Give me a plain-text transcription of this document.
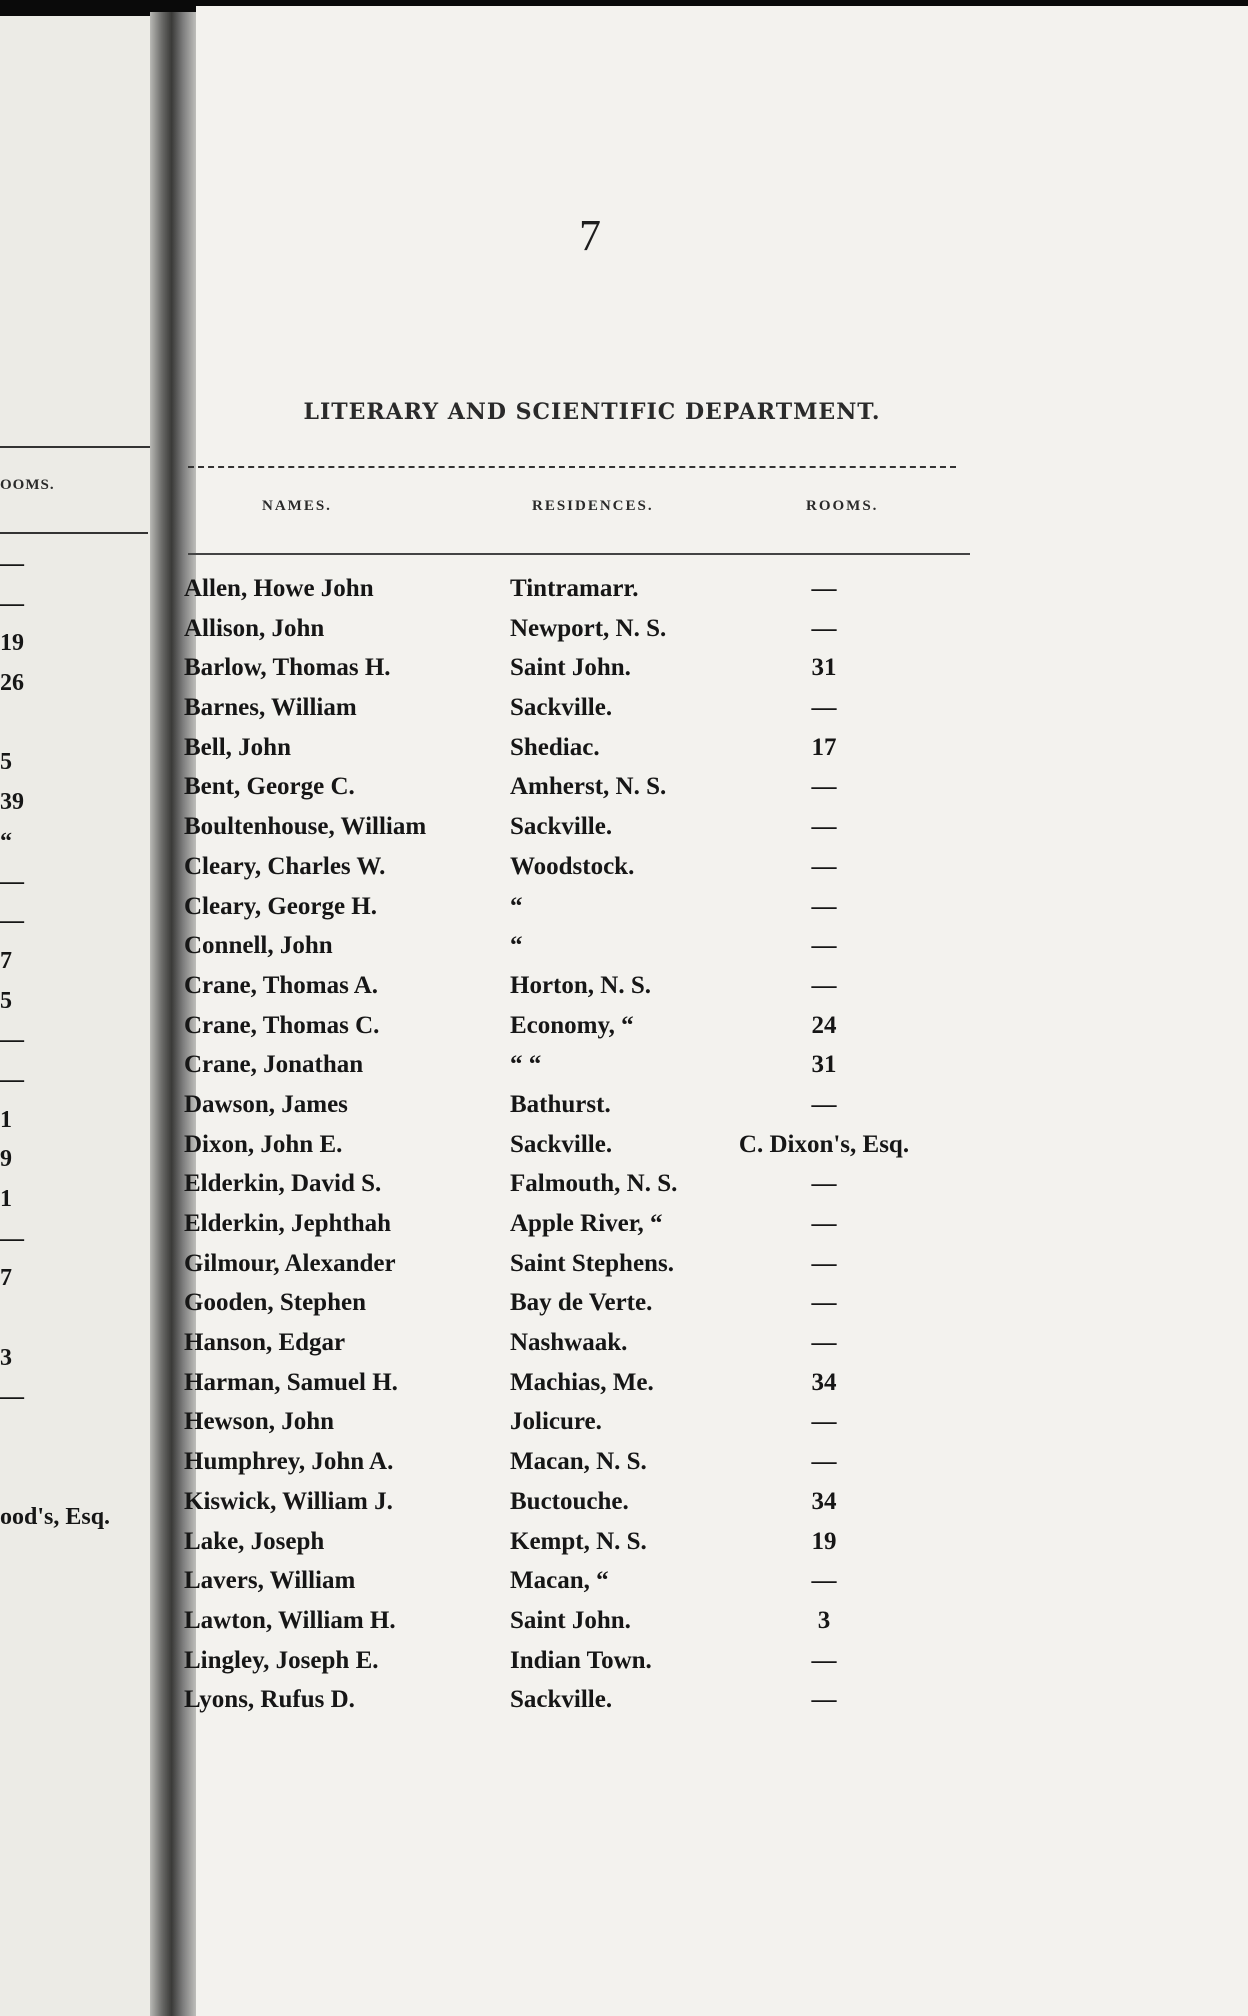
OOMS.
—
—
19
26
5
39
“
—
—
7
5
—
—
1
9
1
—
7
3
—
ood's, Esq.
7
LITERARY AND SCIENTIFIC DEPARTMENT.
NAMES.	RESIDENCES.	ROOMS.
Allen, Howe John	Tintramarr.	—
Allison, John	Newport, N. S.	—
Barlow, Thomas H.	Saint John.	31
Barnes, William	Sackville.	—
Bell, John	Shediac.	17
Bent, George C.	Amherst, N. S.	—
Boultenhouse, William	Sackville.	—
Cleary, Charles W.	Woodstock.	—
Cleary, George H.	“	—
Connell, John	“	—
Crane, Thomas A.	Horton, N. S.	—
Crane, Thomas C.	Economy, “	24
Crane, Jonathan	“ “	31
Dawson, James	Bathurst.	—
Dixon, John E.	Sackville.	C. Dixon's, Esq.
Elderkin, David S.	Falmouth, N. S.	—
Elderkin, Jephthah	Apple River, “	—
Gilmour, Alexander	Saint Stephens.	—
Gooden, Stephen	Bay de Verte.	—
Hanson, Edgar	Nashwaak.	—
Harman, Samuel H.	Machias, Me.	34
Hewson, John	Jolicure.	—
Humphrey, John A.	Macan, N. S.	—
Kiswick, William J.	Buctouche.	34
Lake, Joseph	Kempt, N. S.	19
Lavers, William	Macan, “	—
Lawton, William H.	Saint John.	3
Lingley, Joseph E.	Indian Town.	—
Lyons, Rufus D.	Sackville.	—
